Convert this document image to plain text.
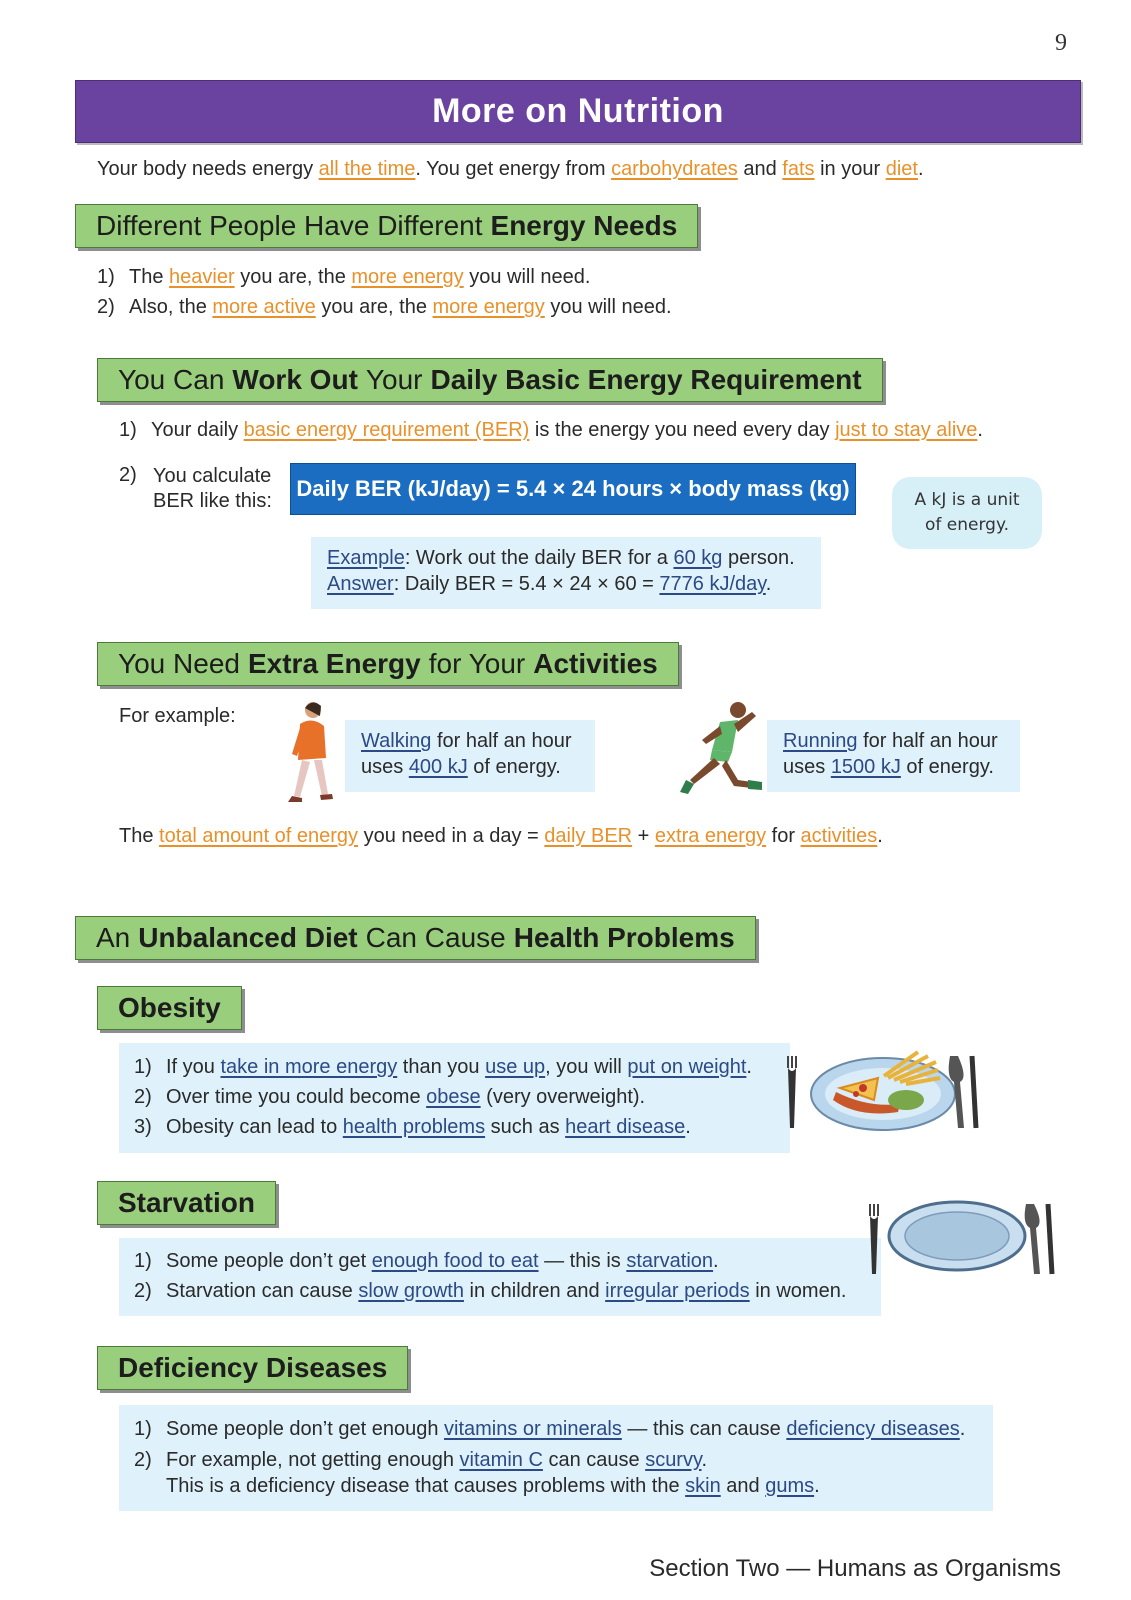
9
More on Nutrition
Your body needs energy all the time. You get energy from carbohydrates and fats in your diet.
Different People Have Different Energy Needs
1) The heavier you are, the more energy you will need.
2) Also, the more active you are, the more energy you will need.
You Can Work Out Your Daily Basic Energy Requirement
1) Your daily basic energy requirement (BER) is the energy you need every day just to stay alive.
2) You calculate
BER like this: Daily BER (kJ/day) = 5.4 × 24 hours × body mass (kg)	A kJ is a unit
of energy.
Example: Work out the daily BER for a 60 kg person.
Answer: Daily BER = 5.4 × 24 × 60 = 7776 kJ/day.
You Need Extra Energy for Your Activities
For example:
Walking for half an hour
uses 400 kJ of energy.
Running for half an hour
uses 1500 kJ of energy.
The total amount of energy you need in a day = daily BER + extra energy for activities.
An Unbalanced Diet Can Cause Health Problems
Obesity
1) If you take in more energy than you use up, you will put on weight.
2) Over time you could become obese (very overweight).
3) Obesity can lead to health problems such as heart disease.
Starvation
1) Some people don’t get enough food to eat — this is starvation.
2) Starvation can cause slow growth in children and irregular periods in women.
Deficiency Diseases
1) Some people don’t get enough vitamins or minerals — this can cause deficiency diseases.
2) For example, not getting enough vitamin C can cause scurvy.
This is a deficiency disease that causes problems with the skin and gums.
Section Two — Humans as Organisms
